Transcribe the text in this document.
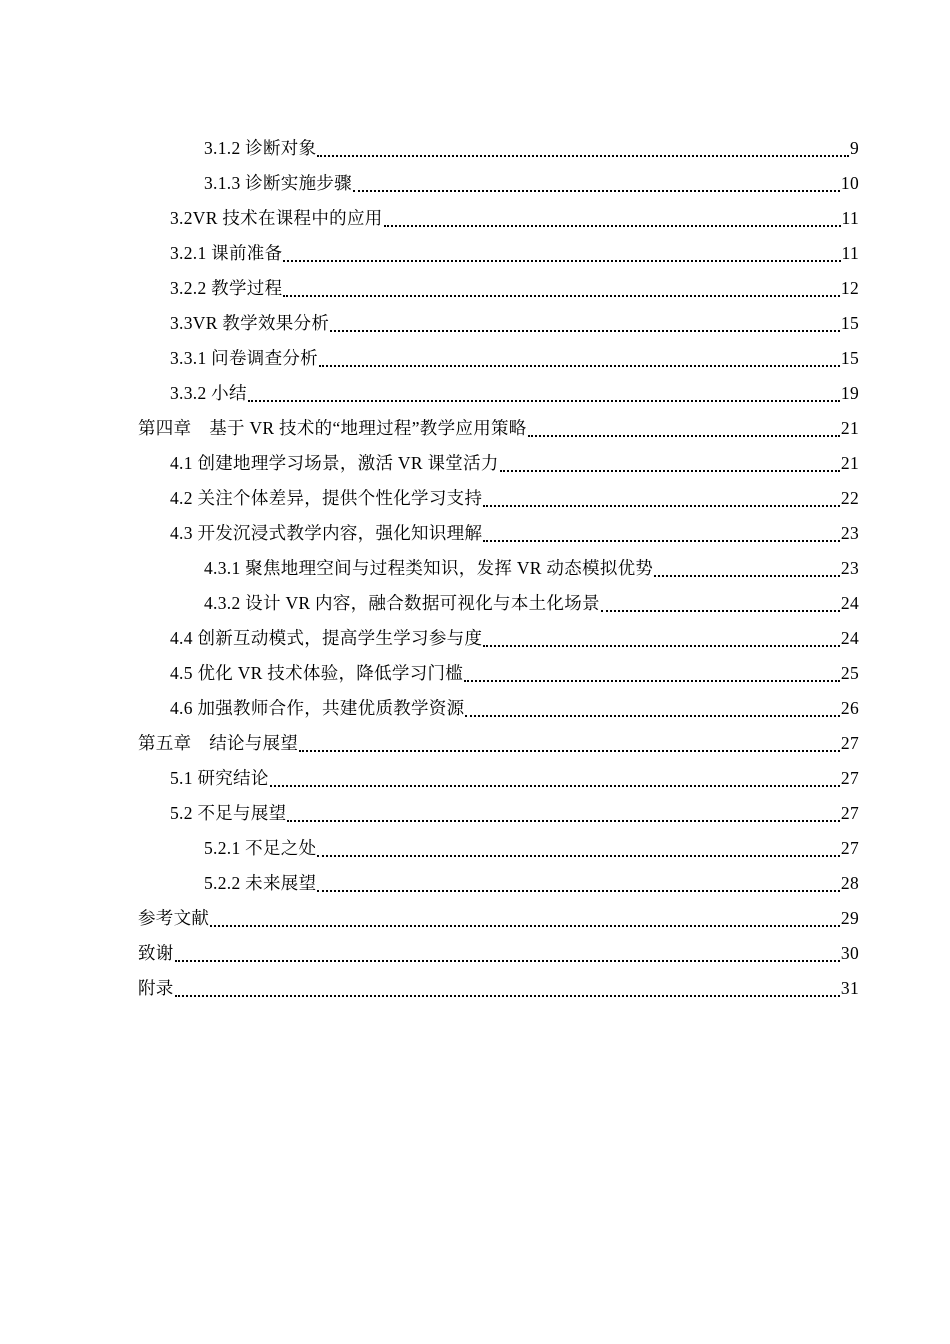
3.1.2 诊断对象	9
3.1.3 诊断实施步骤	10
3.2VR 技术在课程中的应用	11
3.2.1 课前准备	11
3.2.2 教学过程	12
3.3VR 教学效果分析	15
3.3.1 问卷调查分析	15
3.3.2 小结	19
第四章　基于 VR 技术的“地理过程”教学应用策略	21
4.1 创建地理学习场景，激活 VR 课堂活力	21
4.2 关注个体差异，提供个性化学习支持	22
4.3 开发沉浸式教学内容，强化知识理解	23
4.3.1 聚焦地理空间与过程类知识，发挥 VR 动态模拟优势	23
4.3.2 设计 VR 内容，融合数据可视化与本土化场景	24
4.4 创新互动模式，提高学生学习参与度	24
4.5 优化 VR 技术体验，降低学习门槛	25
4.6 加强教师合作，共建优质教学资源	26
第五章　结论与展望	27
5.1 研究结论	27
5.2 不足与展望	27
5.2.1 不足之处	27
5.2.2 未来展望	28
参考文献	29
致谢	30
附录	31
